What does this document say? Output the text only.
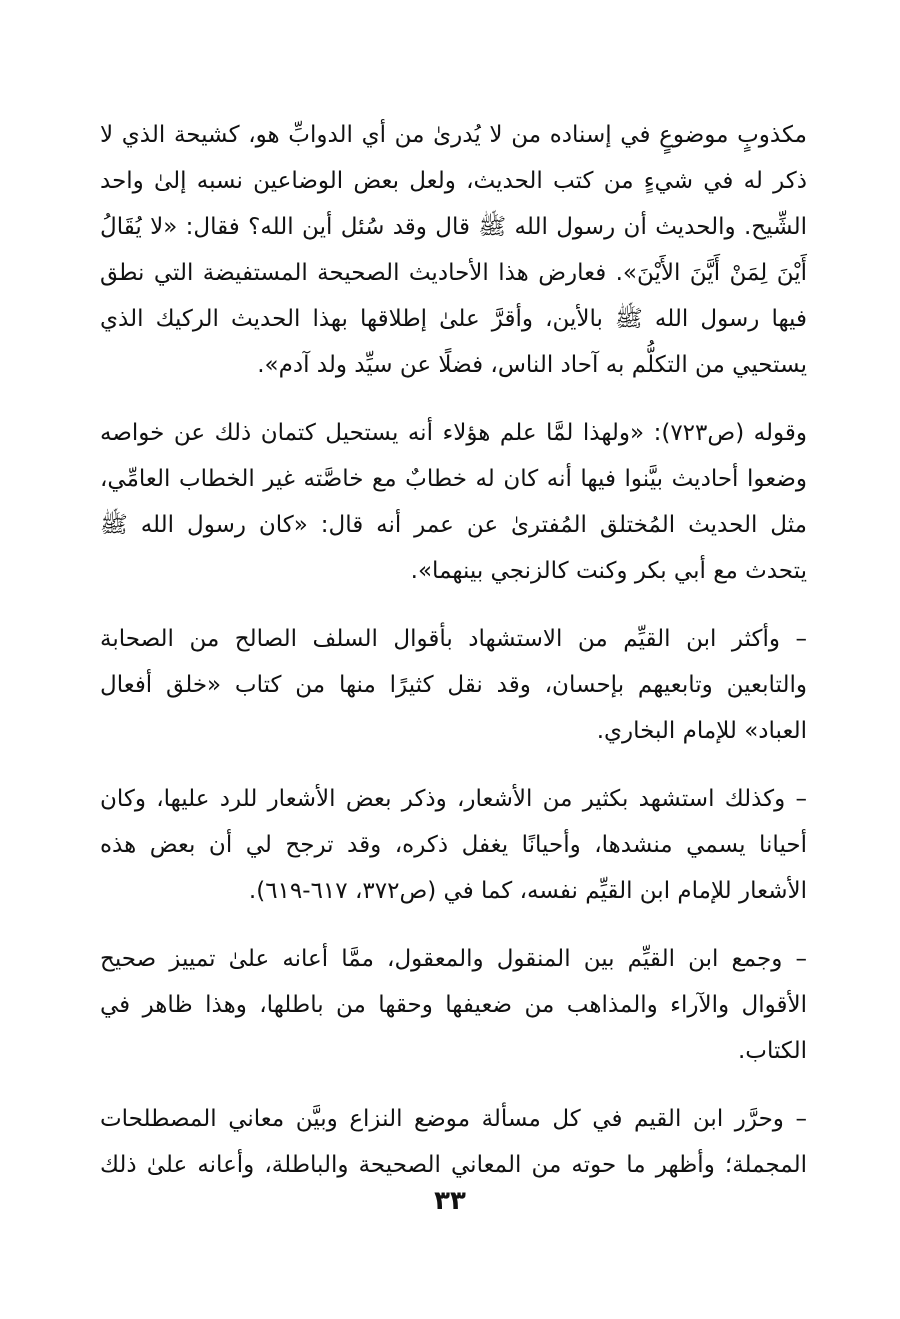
مكذوبٍ موضوعٍ في إسناده من لا يُدرىٰ من أي الدوابِّ هو، كشيحة الذي لا ذكر له في شيءٍ من كتب الحديث، ولعل بعض الوضاعين نسبه إلىٰ واحد الشِّيح. والحديث أن رسول الله ﷺ قال وقد سُئل أين الله؟ فقال: «لا يُقَالُ أَيْنَ لِمَنْ أَيَّنَ الأَيْنَ». فعارض هذا الأحاديث الصحيحة المستفيضة التي نطق فيها رسول الله ﷺ بالأين، وأقرَّ علىٰ إطلاقها بهذا الحديث الركيك الذي يستحيي من التكلُّم به آحاد الناس، فضلًا عن سيِّد ولد آدم».

وقوله (ص٧٢٣): «ولهذا لمَّا علم هؤلاء أنه يستحيل كتمان ذلك عن خواصه وضعوا أحاديث بيَّنوا فيها أنه كان له خطابٌ مع خاصَّته غير الخطاب العامِّي، مثل الحديث المُختلق المُفترىٰ عن عمر أنه قال: «كان رسول الله ﷺ يتحدث مع أبي بكر وكنت كالزنجي بينهما».

– وأكثر ابن القيِّم من الاستشهاد بأقوال السلف الصالح من الصحابة والتابعين وتابعيهم بإحسان، وقد نقل كثيرًا منها من كتاب «خلق أفعال العباد» للإمام البخاري.

– وكذلك استشهد بكثير من الأشعار، وذكر بعض الأشعار للرد عليها، وكان أحيانا يسمي منشدها، وأحيانًا يغفل ذكره، وقد ترجح لي أن بعض هذه الأشعار للإمام ابن القيِّم نفسه، كما في (ص٣٧٢، ٦١٧-٦١٩).

– وجمع ابن القيِّم بين المنقول والمعقول، ممَّا أعانه علىٰ تمييز صحيح الأقوال والآراء والمذاهب من ضعيفها وحقها من باطلها، وهذا ظاهر في الكتاب.

– وحرَّر ابن القيم في كل مسألة موضع النزاع وبيَّن معاني المصطلحات المجملة؛ وأظهر ما حوته من المعاني الصحيحة والباطلة، وأعانه علىٰ ذلك

٣٣
